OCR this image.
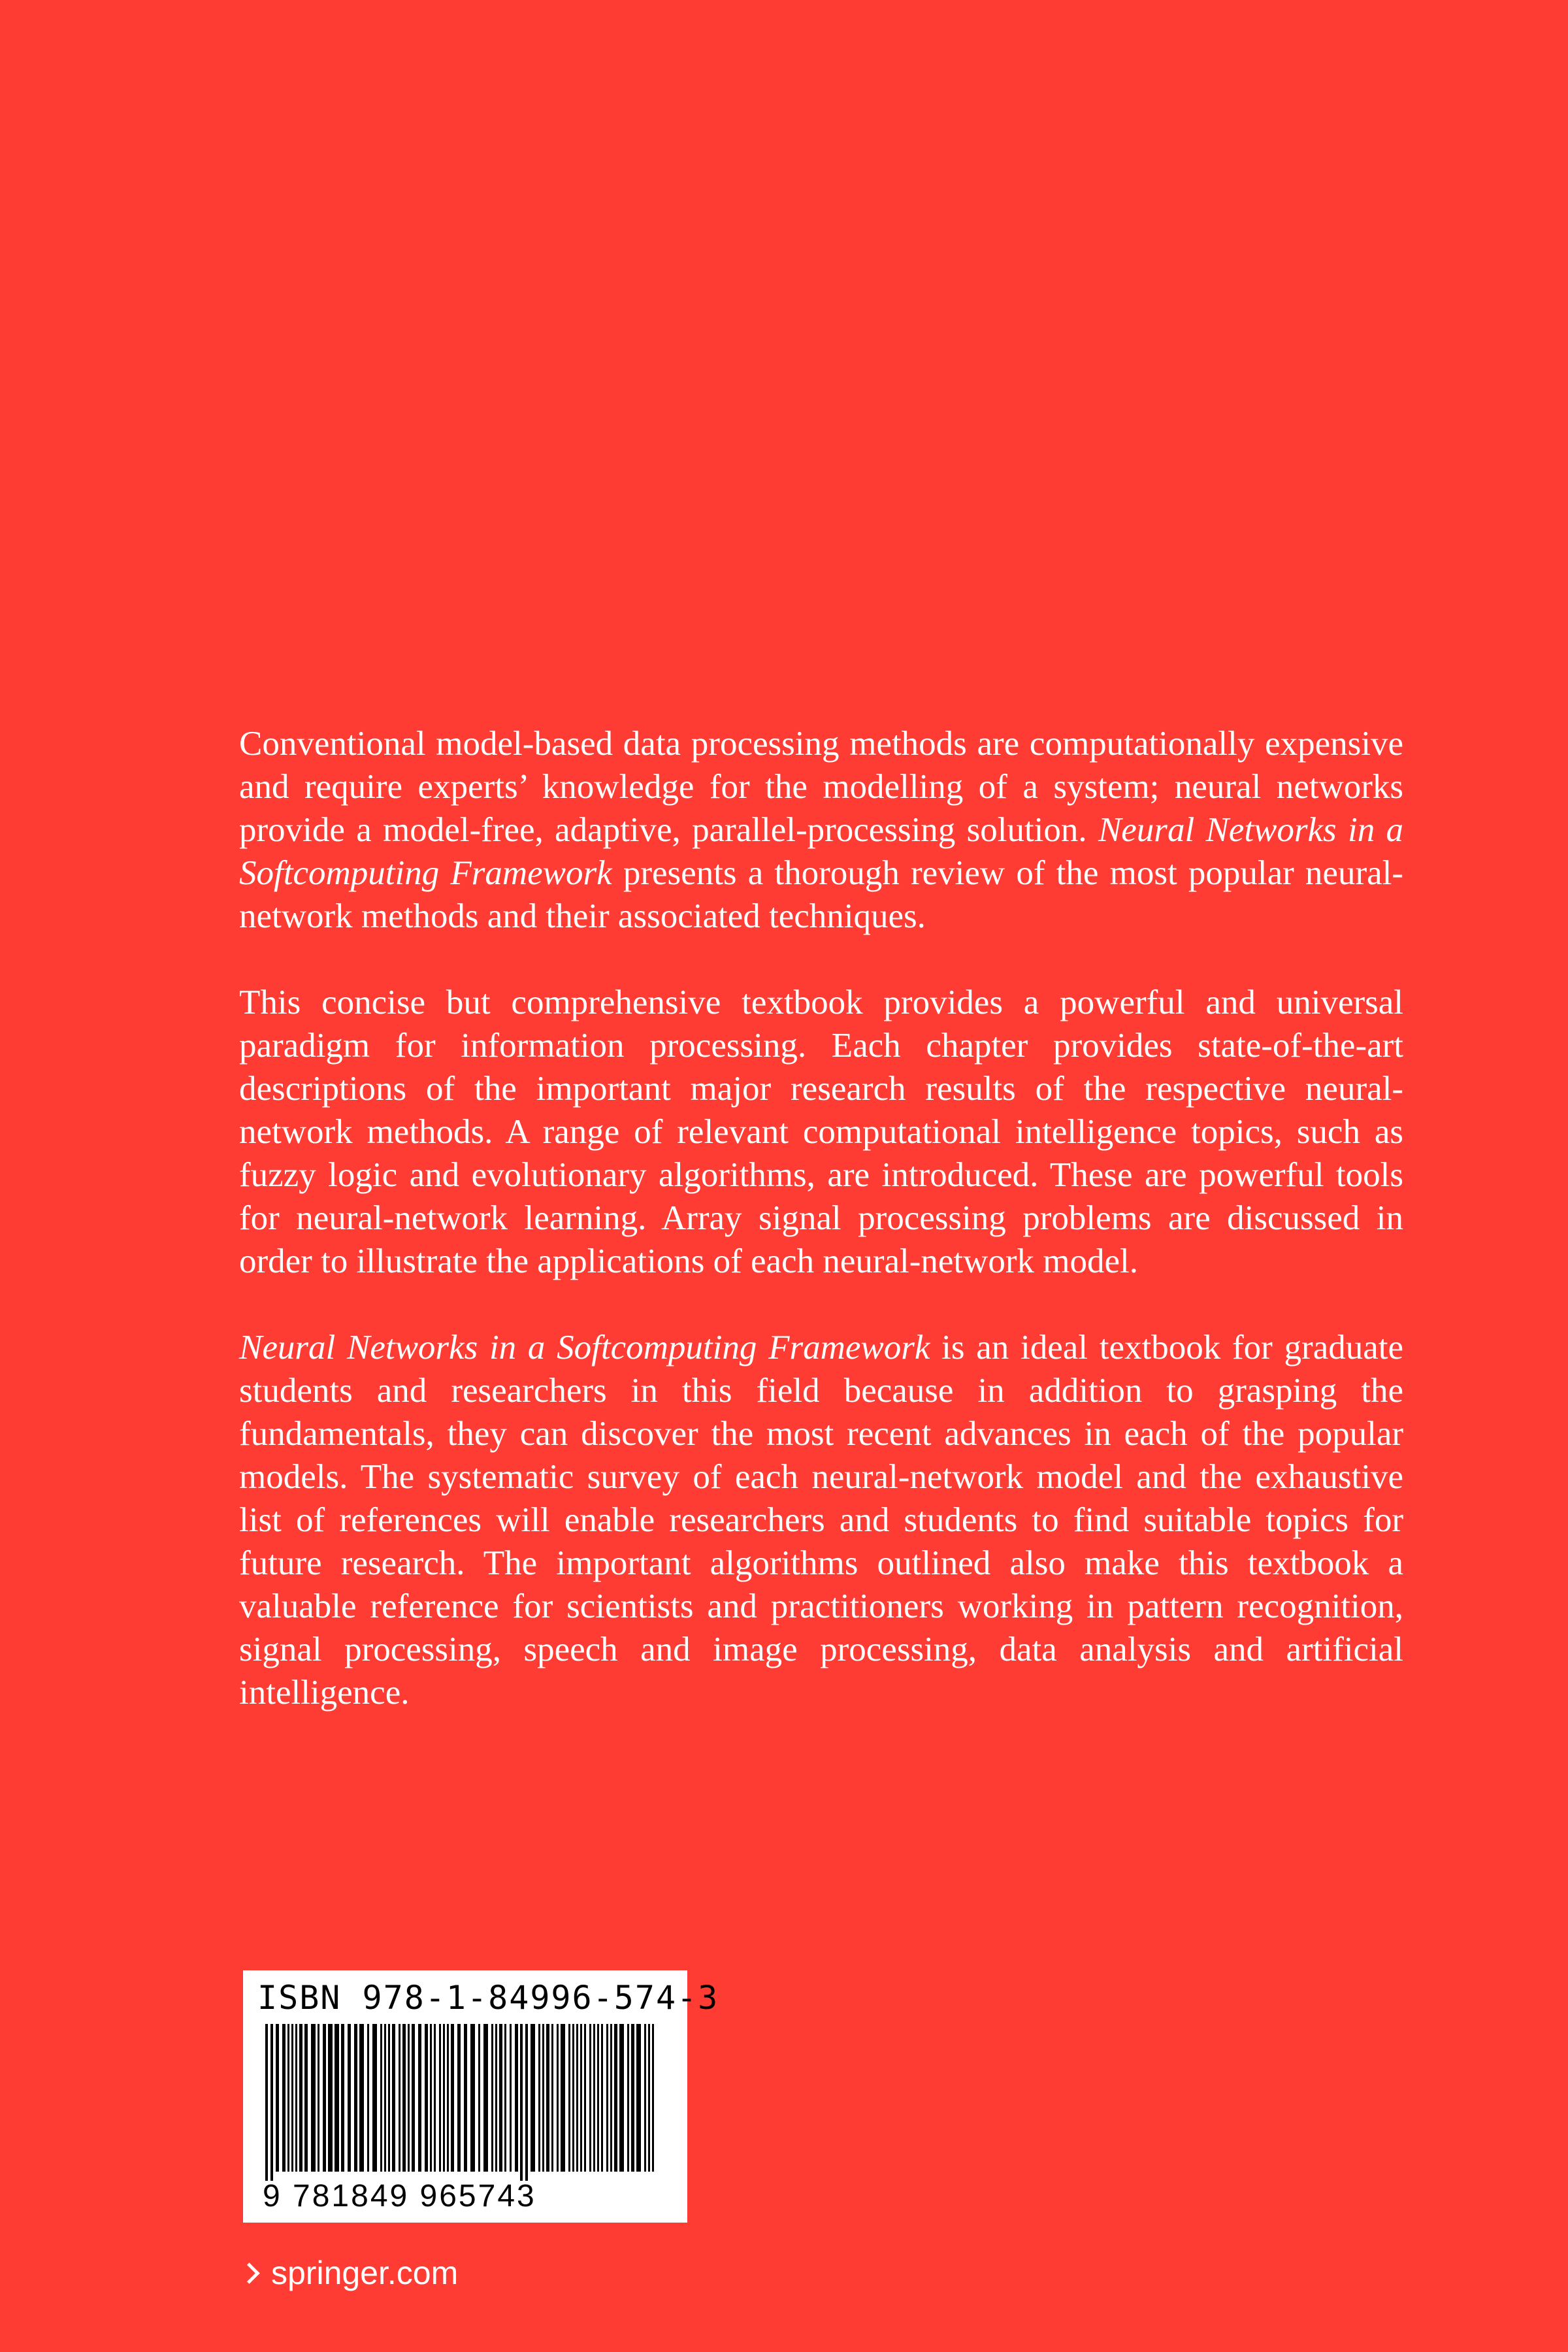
Conventional model-based data processing methods are computationally expensive and require experts’ knowledge for the modelling of a system; neural networks provide a model-free, adaptive, parallel-processing solution. Neural Networks in a Softcomputing Framework presents a thorough review of the most popular neural-network methods and their associated techniques.

This concise but comprehensive textbook provides a powerful and universal paradigm for information processing. Each chapter provides state-of-the-art descriptions of the important major research results of the respective neural-network methods. A range of relevant computational intelligence topics, such as fuzzy logic and evolutionary algorithms, are introduced. These are powerful tools for neural-network learning. Array signal processing problems are discussed in order to illustrate the applications of each neural-network model.

Neural Networks in a Softcomputing Framework is an ideal textbook for graduate students and researchers in this field because in addition to grasping the fundamentals, they can discover the most recent advances in each of the popular models. The systematic survey of each neural-network model and the exhaustive list of references will enable researchers and students to find suitable topics for future research. The important algorithms outlined also make this textbook a valuable reference for scientists and practitioners working in pattern recognition, signal processing, speech and image processing, data analysis and artificial intelligence.

ISBN 978-1-84996-574-3
9 781849 965743
springer.com
